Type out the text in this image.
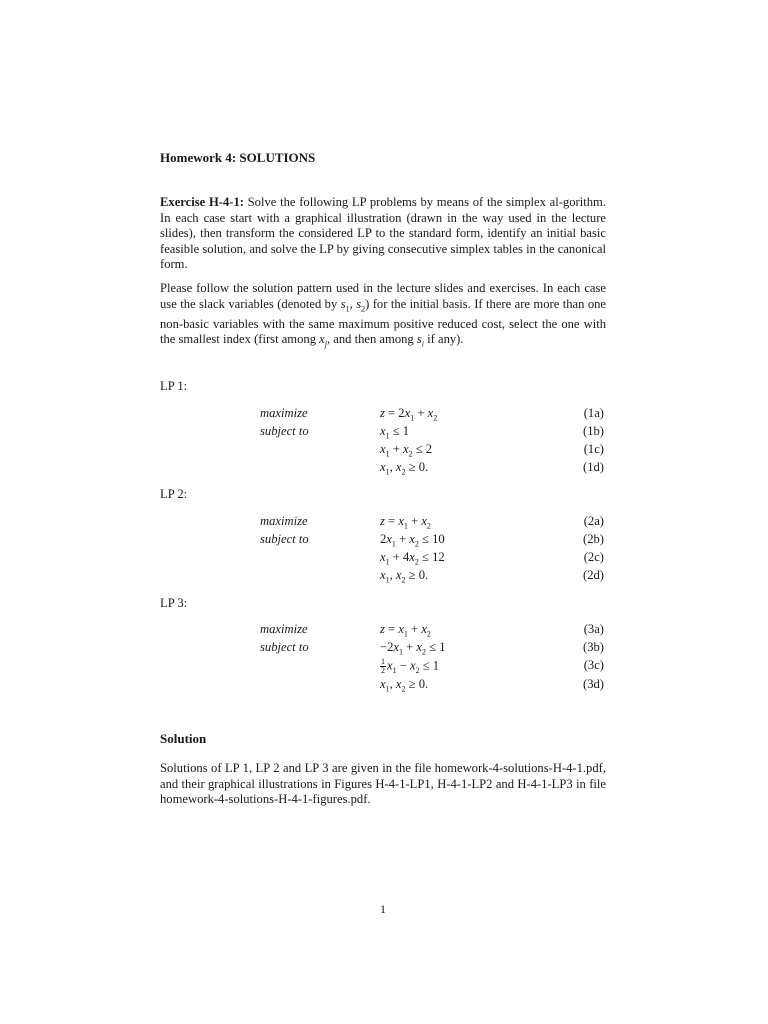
Homework 4: SOLUTIONS
Exercise H-4-1: Solve the following LP problems by means of the simplex al-gorithm. In each case start with a graphical illustration (drawn in the way used in the lecture slides), then transform the considered LP to the standard form, identify an initial basic feasible solution, and solve the LP by giving consecutive simplex tables in the canonical form.
Please follow the solution pattern used in the lecture slides and exercises. In each case use the slack variables (denoted by $s_1$, $s_2$) for the initial basis. If there are more than one non-basic variables with the same maximum positive reduced cost, select the one with the smallest index (first among $x_j$, and then among $s_i$ if any).
LP 1:
maximize	$z = 2x_1 + x_2$	(1a)
subject to	$x_1 \le 1$	(1b)
$x_1 + x_2 \le 2$	(1c)
$x_1$, $x_2 \ge 0$.	(1d)
LP 2:
maximize	$z = x_1 + x_2$	(2a)
subject to	$2x_1 + x_2 \le 10$	(2b)
$x_1 + 4x_2 \le 12$	(2c)
$x_1$, $x_2 \ge 0$.	(2d)
LP 3:
maximize	$z = x_1 + x_2$	(3a)
subject to	$-2x_1 + x_2 \le 1$	(3b)
$\frac{1}{2} x_1 - x_2 \le 1$	(3c)
$x_1$, $x_2 \ge 0$.	(3d)
Solution
Solutions of LP 1, LP 2 and LP 3 are given in the file homework-4-solutions-H-4-1.pdf, and their graphical illustrations in Figures H-4-1-LP1, H-4-1-LP2 and H-4-1-LP3 in file homework-4-solutions-H-4-1-figures.pdf.
1
